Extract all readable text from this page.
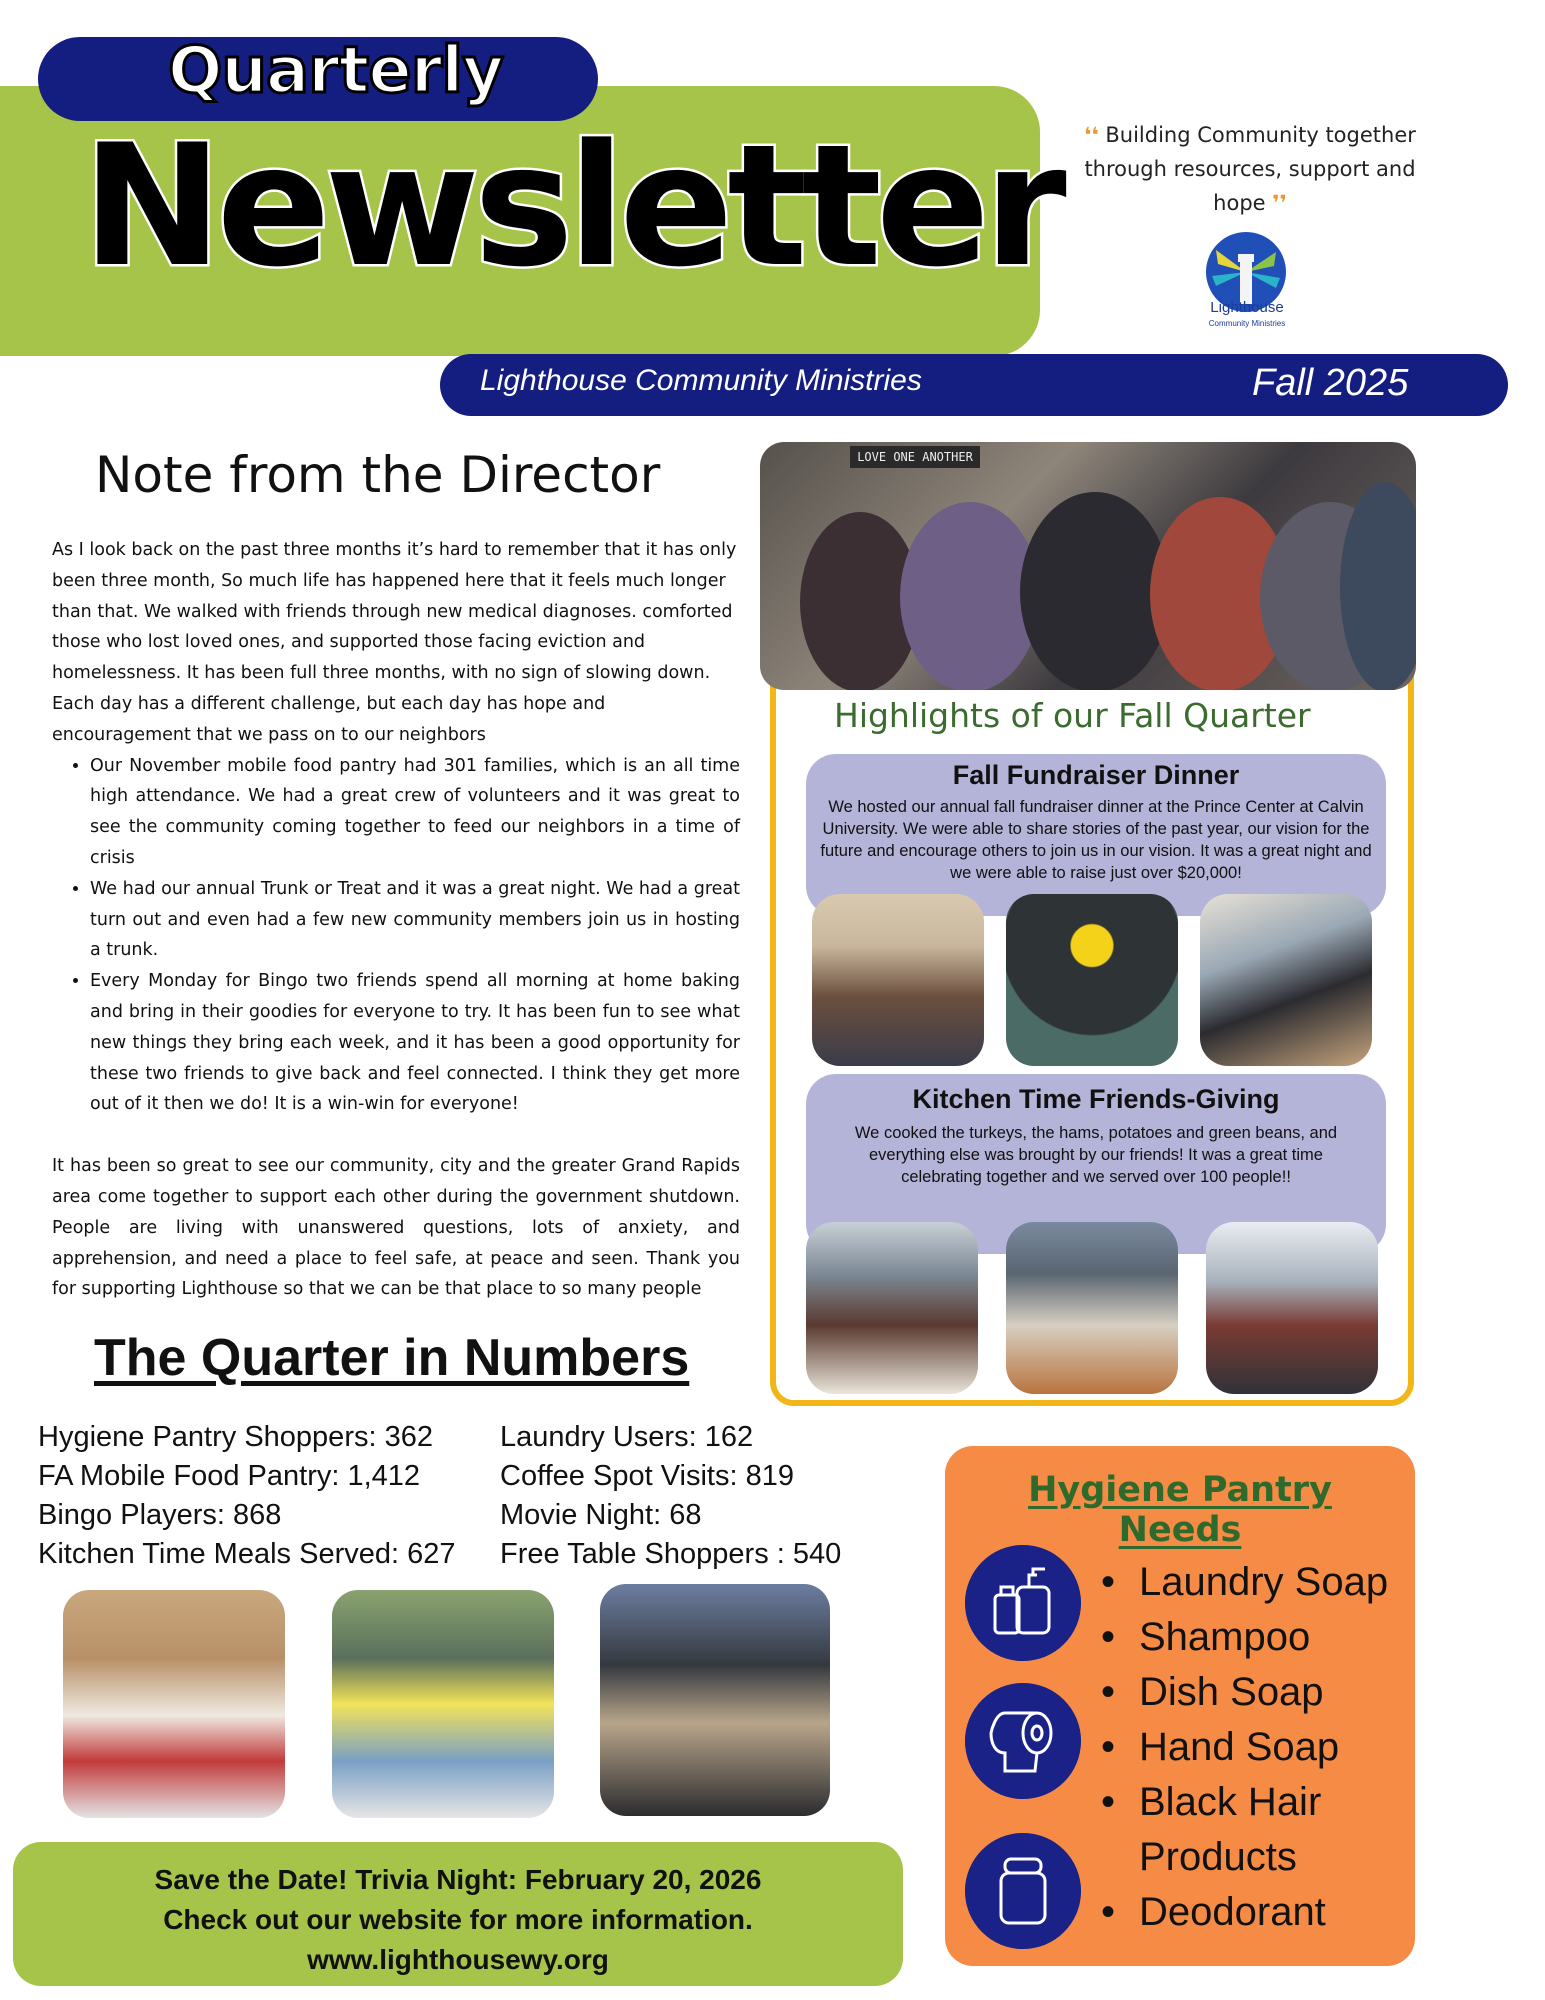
Quarterly
Newsletter	❛❛ Building Community together through resources, support and hope ❜❜
Lighthouse
Community Ministries
Lighthouse Community Ministries	Fall 2025
Note from the Director

As I look back on the past three months it’s hard to remember that it has only been three month, So much life has happened here that it feels much longer than that. We walked with friends through new medical diagnoses. comforted those who lost loved ones, and supported those facing eviction and homelessness. It has been full three months, with no sign of slowing down. Each day has a different challenge, but each day has hope and encouragement that we pass on to our neighbors

• Our November mobile food pantry had 301 families, which is an all time high attendance. We had a great crew of volunteers and it was great to see the community coming together to feed our neighbors in a time of crisis
• We had our annual Trunk or Treat and it was a great night. We had a great turn out and even had a few new community members join us in hosting a trunk.
• Every Monday for Bingo two friends spend all morning at home baking and bring in their goodies for everyone to try. It has been fun to see what new things they bring each week, and it has been a good opportunity for these two friends to give back and feel connected. I think they get more out of it then we do! It is a win-win for everyone!

It has been so great to see our community, city and the greater Grand Rapids area come together to support each other during the government shutdown. People are living with unanswered questions, lots of anxiety, and apprehension, and need a place to feel safe, at peace and seen. Thank you for supporting Lighthouse so that we can be that place to so many people

LOVE ONE ANOTHER
Highlights of our Fall Quarter
Fall Fundraiser Dinner
We hosted our annual fall fundraiser dinner at the Prince Center at Calvin University. We were able to share stories of the past year, our vision for the future and encourage others to join us in our vision. It was a great night and we were able to raise just over $20,000!
Kitchen Time Friends-Giving
We cooked the turkeys, the hams, potatoes and green beans, and everything else was brought by our friends! It was a great time celebrating together and we served over 100 people!!
The Quarter in Numbers
Hygiene Pantry Shoppers: 362
FA Mobile Food Pantry: 1,412
Bingo Players: 868
Kitchen Time Meals Served: 627
Laundry Users: 162
Coffee Spot Visits: 819
Movie Night: 68
Free Table Shoppers : 540
Save the Date! Trivia Night: February 20, 2026
Check out our website for more information.
www.lighthousewy.org
Hygiene Pantry Needs
• Laundry Soap
• Shampoo
• Dish Soap
• Hand Soap
• Black Hair Products
• Deodorant
